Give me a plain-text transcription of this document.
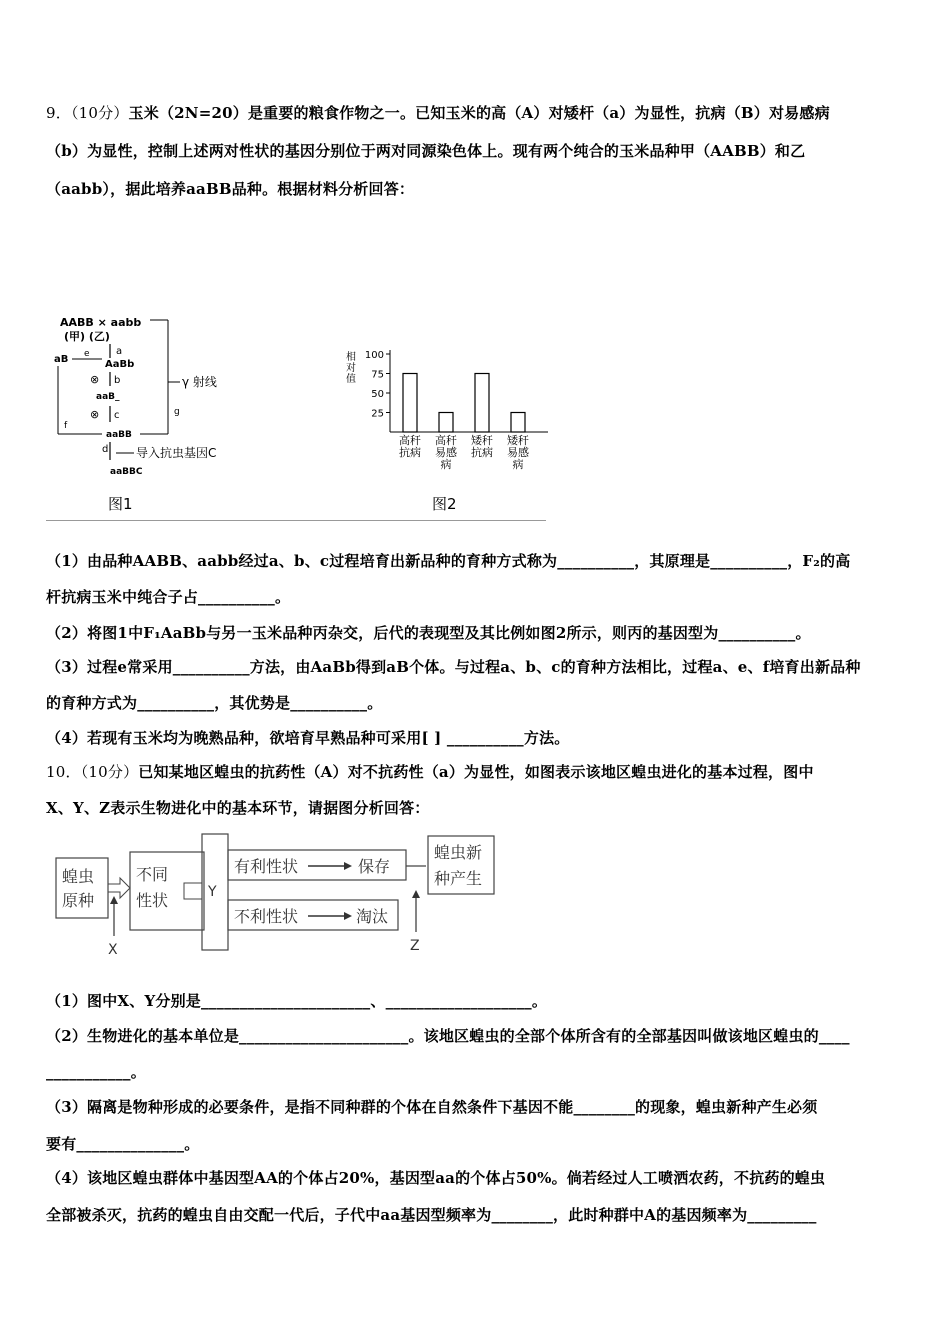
9．（10分）玉米（2N=20）是重要的粮食作物之一。已知玉米的高（A）对矮杆（a）为显性，抗病（B）对易感病
（b）为显性，控制上述两对性状的基因分别位于两对同源染色体上。现有两个纯合的玉米品种甲（AABB）和乙
（aabb），据此培养aaBB品种。根据材料分析回答：
AABB × aabb
(甲) (乙)
a
AaBb
aB e
⊗ b
aaB_
⊗ c
aaBB
f
g
γ 射线
d 导入抗虫基因C
aaBBC
图1
相
对
值
25
50
75
100
高秆
抗病
高秆
易感
病
矮秆
抗病
矮秆
易感
病
图2
（1）由品种AABB、aabb经过a、b、c过程培育出新品种的育种方式称为__________，其原理是__________，F₂的高
杆抗病玉米中纯合子占__________。
（2）将图1中F₁AaBb与另一玉米品种丙杂交，后代的表现型及其比例如图2所示，则丙的基因型为__________。
（3）过程e常采用__________方法，由AaBb得到aB个体。与过程a、b、c的育种方法相比，过程a、e、f培育出新品种
的育种方式为__________，其优势是__________。
（4）若现有玉米均为晚熟品种，欲培育早熟品种可采用[ ] __________方法。
10．（10分）已知某地区蝗虫的抗药性（A）对不抗药性（a）为显性，如图表示该地区蝗虫进化的基本过程，图中
X、Y、Z表示生物进化中的基本环节，请据图分析回答：
蝗虫
原种
不同
性状	Y
有利性状	保存
不利性状	淘汰
蝗虫新
种产生
X	Z
（1）图中X、Y分别是______________________、___________________。
（2）生物进化的基本单位是______________________。该地区蝗虫的全部个体所含有的全部基因叫做该地区蝗虫的____
___________。
（3）隔离是物种形成的必要条件，是指不同种群的个体在自然条件下基因不能________的现象，蝗虫新种产生必须
要有______________。
（4）该地区蝗虫群体中基因型AA的个体占20%，基因型aa的个体占50%。倘若经过人工喷洒农药，不抗药的蝗虫
全部被杀灭，抗药的蝗虫自由交配一代后，子代中aa基因型频率为________，此时种群中A的基因频率为_________
